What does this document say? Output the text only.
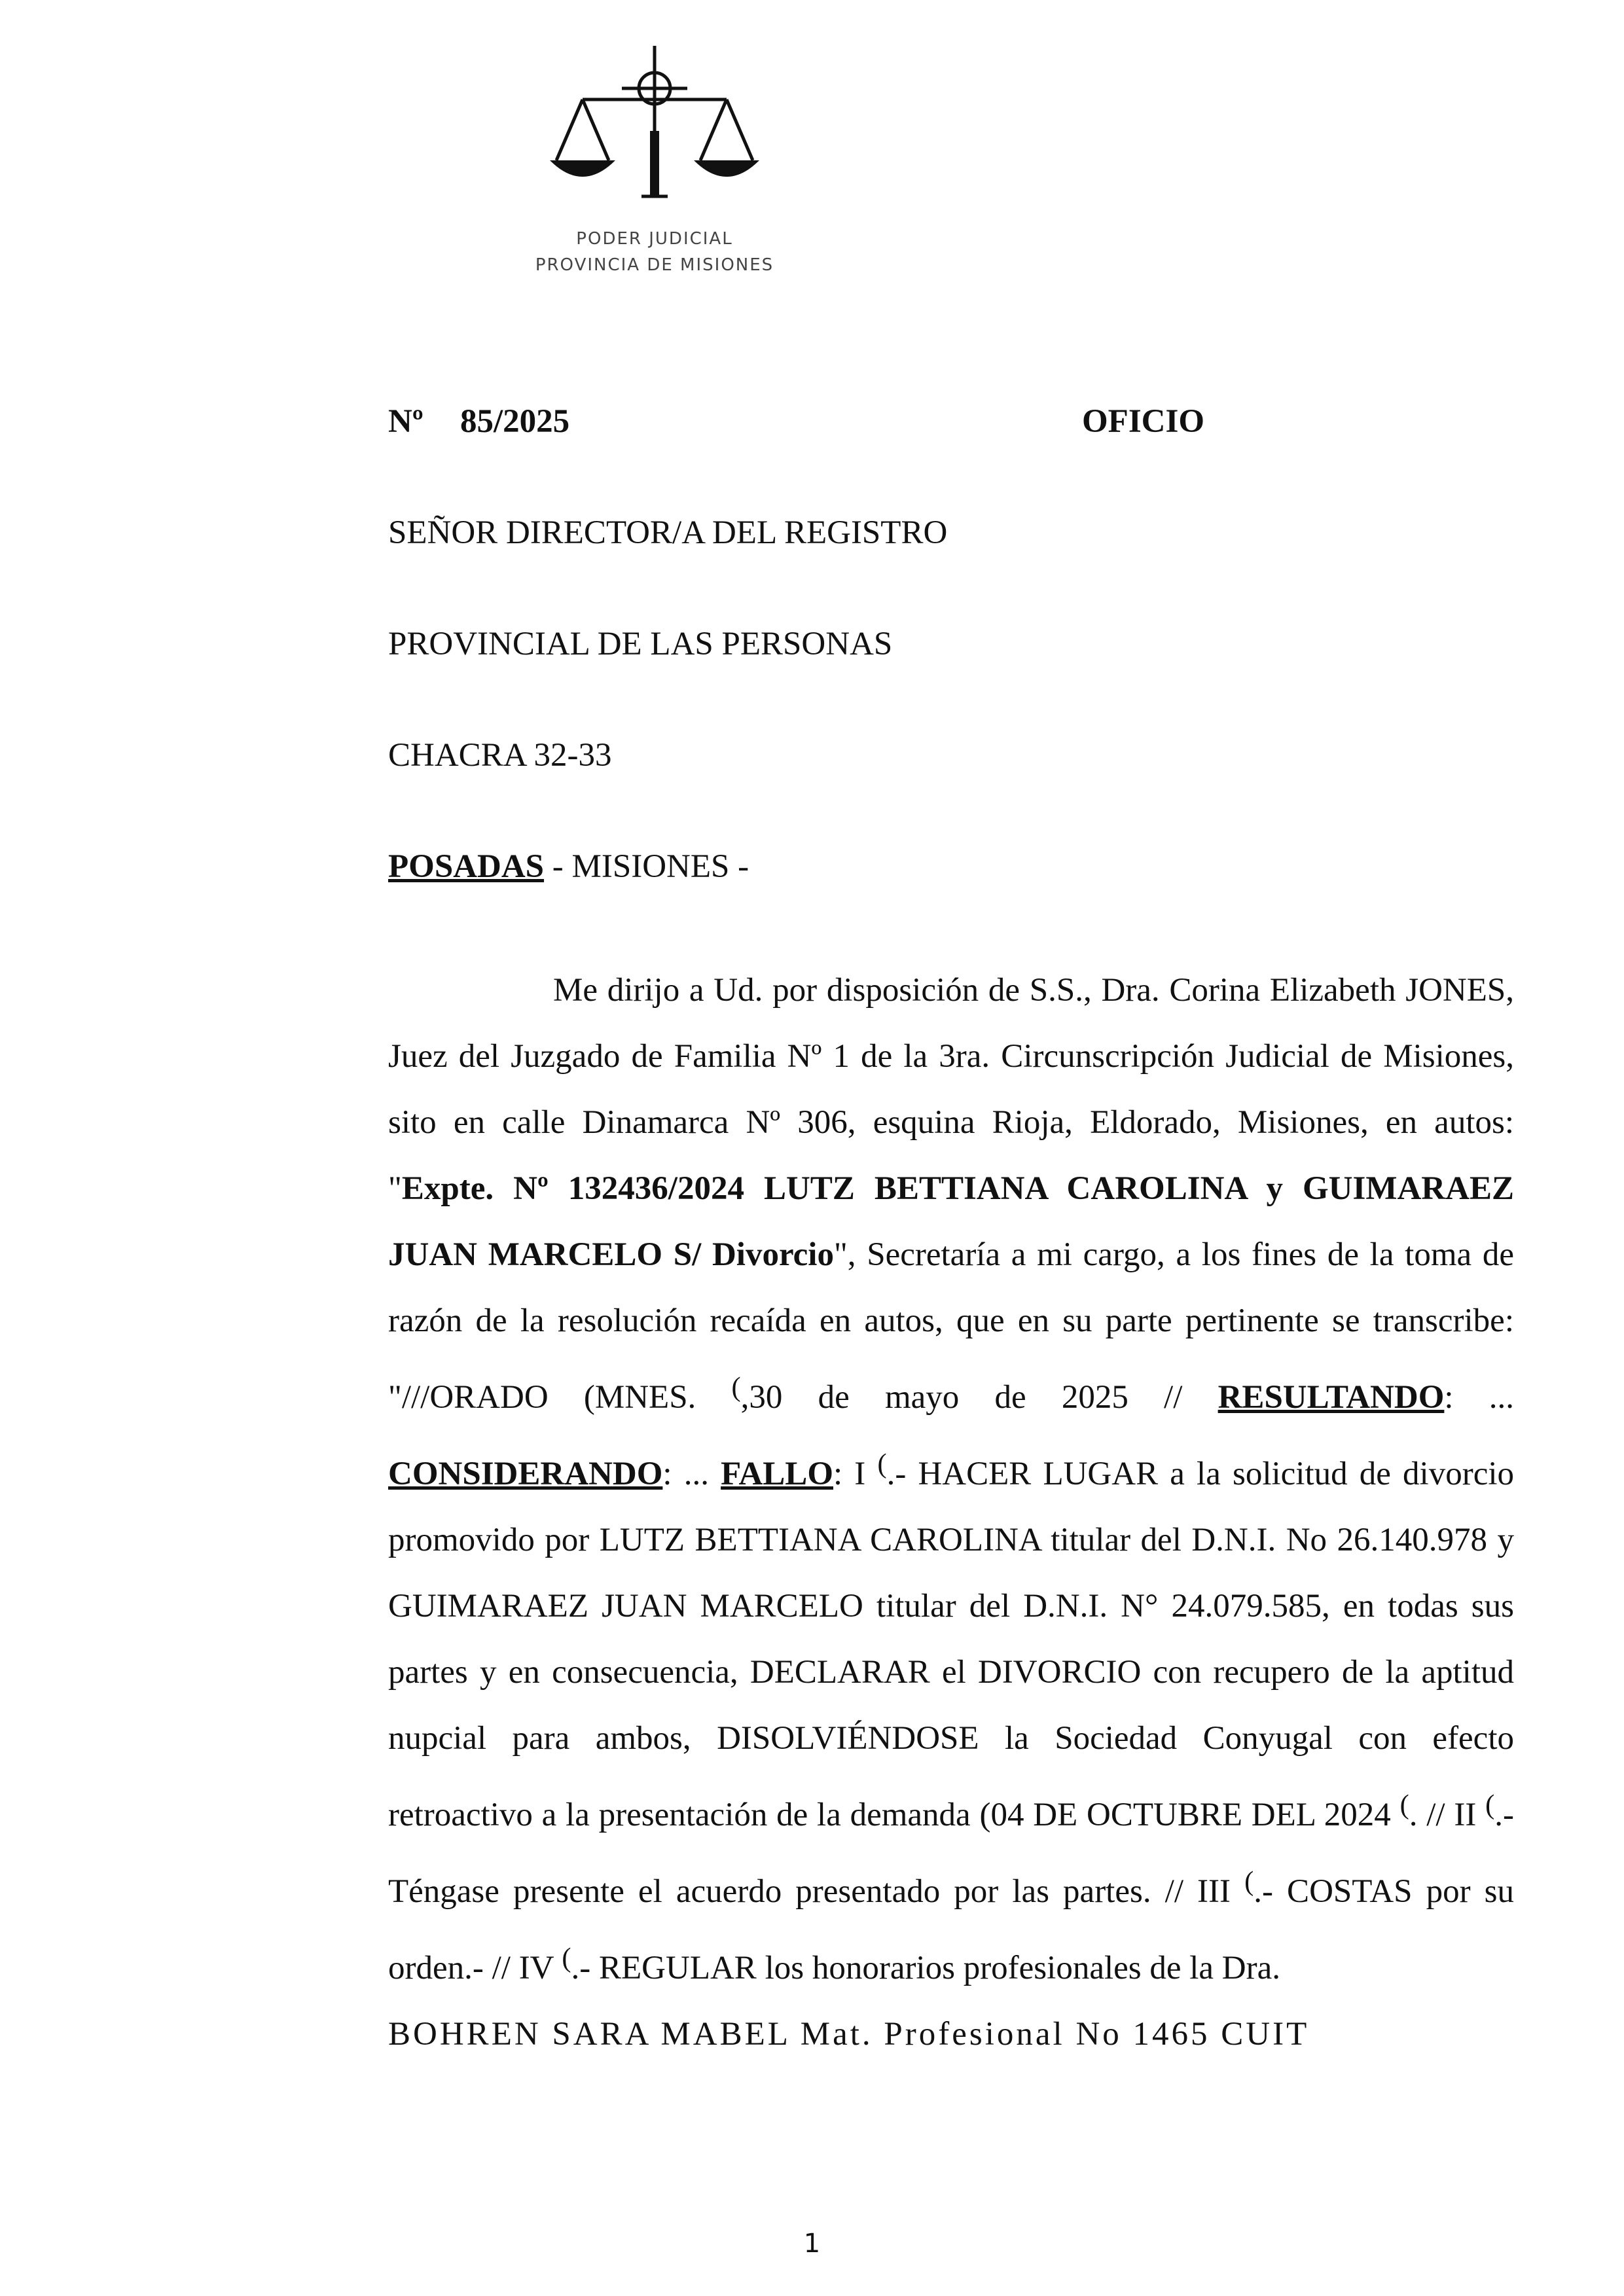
PODER JUDICIAL
PROVINCIA DE MISIONES
Nº 85/2025	OFICIO
SEÑOR DIRECTOR/A DEL REGISTRO
PROVINCIAL DE LAS PERSONAS
CHACRA 32-33
POSADAS - MISIONES -

Me dirijo a Ud. por disposición de S.S., Dra. Corina Elizabeth JONES, Juez del Juzgado de Familia Nº 1 de la 3ra. Circunscripción Judicial de Misiones, sito en calle Dinamarca Nº 306, esquina Rioja, Eldorado, Misiones, en autos: "Expte. Nº 132436/2024 LUTZ BETTIANA CAROLINA y GUIMARAEZ JUAN MARCELO S/ Divorcio", Secretaría a mi cargo, a los fines de la toma de razón de la resolución recaída en autos, que en su parte pertinente se transcribe: "///ORADO (MNES. (,30 de mayo de 2025 // RESULTANDO: ... CONSIDERANDO: ... FALLO: I (.- HACER LUGAR a la solicitud de divorcio promovido por LUTZ BETTIANA CAROLINA titular del D.N.I. No 26.140.978 y GUIMARAEZ JUAN MARCELO titular del D.N.I. N° 24.079.585, en todas sus partes y en consecuencia, DECLARAR el DIVORCIO con recupero de la aptitud nupcial para ambos, DISOLVIÉNDOSE la Sociedad Conyugal con efecto retroactivo a la presentación de la demanda (04 DE OCTUBRE DEL 2024 (. // II (.- Téngase presente el acuerdo presentado por las partes. // III (.- COSTAS por su orden.- // IV (.- REGULAR los honorarios profesionales de la Dra.
BOHREN SARA MABEL Mat. Profesional No 1465 CUIT

1
